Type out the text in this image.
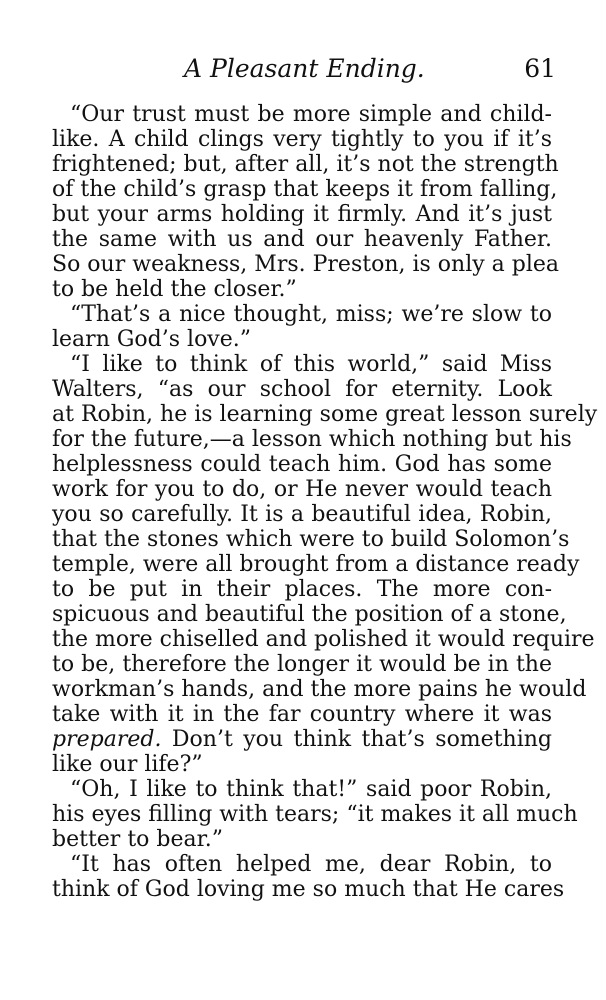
A Pleasant Ending.	61
“Our trust must be more simple and child-
like. A child clings very tightly to you if it’s
frightened; but, after all, it’s not the strength
of the child’s grasp that keeps it from falling,
but your arms holding it firmly. And it’s just
the same with us and our heavenly Father.
So our weakness, Mrs. Preston, is only a plea
to be held the closer.”
“That’s a nice thought, miss; we’re slow to
learn God’s love.”
“I like to think of this world,” said Miss
Walters, “as our school for eternity. Look
at Robin, he is learning some great lesson surely
for the future,—a lesson which nothing but his
helplessness could teach him. God has some
work for you to do, or He never would teach
you so carefully. It is a beautiful idea, Robin,
that the stones which were to build Solomon’s
temple, were all brought from a distance ready
to be put in their places. The more con-
spicuous and beautiful the position of a stone,
the more chiselled and polished it would require
to be, therefore the longer it would be in the
workman’s hands, and the more pains he would
take with it in the far country where it was
prepared. Don’t you think that’s something
like our life?”
“Oh, I like to think that!” said poor Robin,
his eyes filling with tears; “it makes it all much
better to bear.”
“It has often helped me, dear Robin, to
think of God loving me so much that He cares
